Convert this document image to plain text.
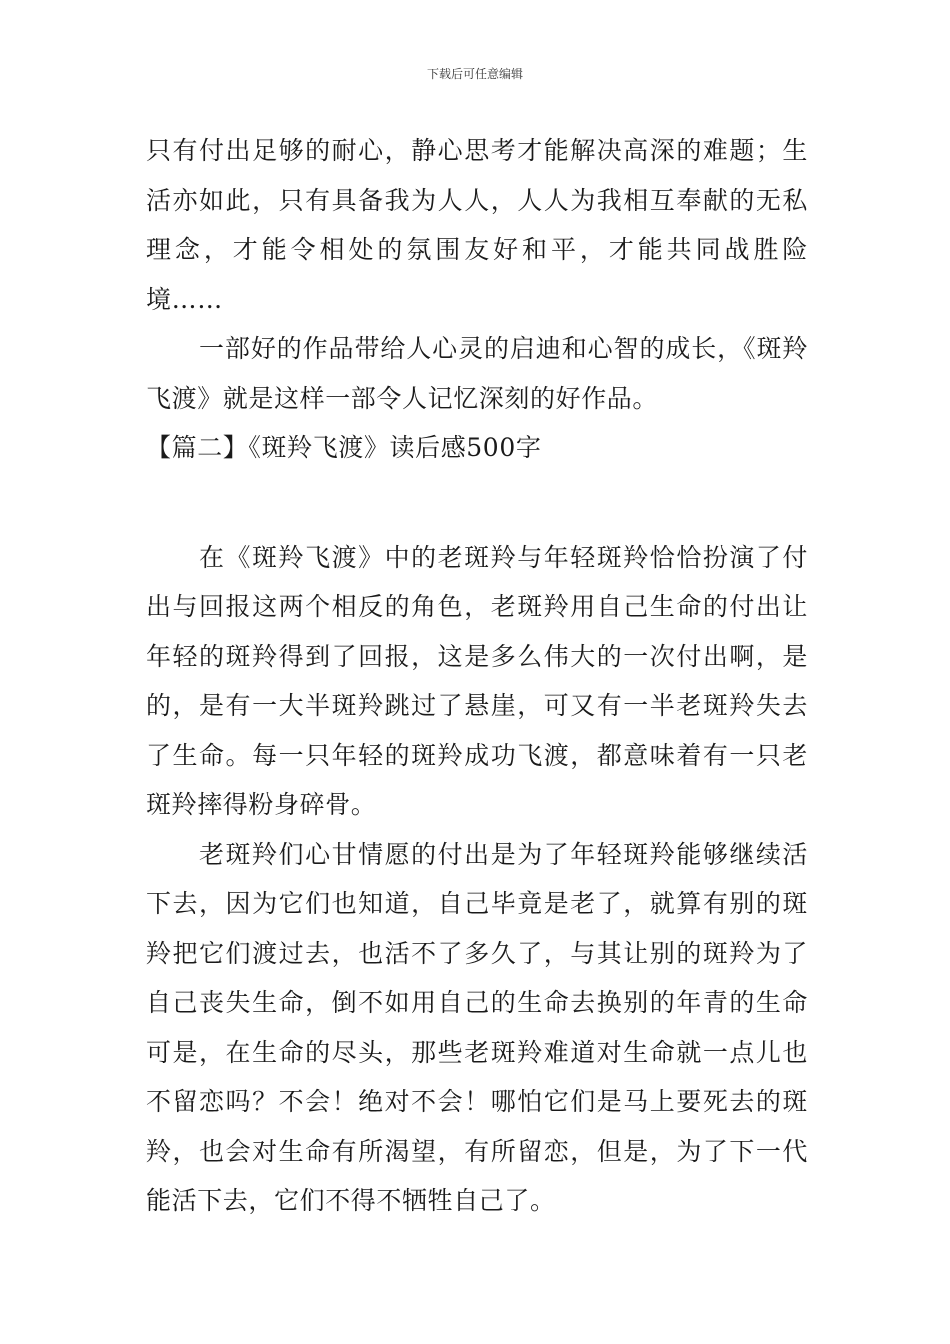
下载后可任意编辑

只有付出足够的耐心，静心思考才能解决高深的难题；生活亦如此，只有具备我为人人，人人为我相互奉献的无私理念，才能令相处的氛围友好和平，才能共同战胜险境……

一部好的作品带给人心灵的启迪和心智的成长，《斑羚飞渡》就是这样一部令人记忆深刻的好作品。

【篇二】《斑羚飞渡》读后感500字

在《斑羚飞渡》中的老斑羚与年轻斑羚恰恰扮演了付出与回报这两个相反的角色，老斑羚用自己生命的付出让年轻的斑羚得到了回报，这是多么伟大的一次付出啊，是的，是有一大半斑羚跳过了悬崖，可又有一半老斑羚失去了生命。每一只年轻的斑羚成功飞渡，都意味着有一只老斑羚摔得粉身碎骨。

老斑羚们心甘情愿的付出是为了年轻斑羚能够继续活下去，因为它们也知道，自己毕竟是老了，就算有别的斑羚把它们渡过去，也活不了多久了，与其让别的斑羚为了自己丧失生命，倒不如用自己的生命去换别的年青的生命可是，在生命的尽头，那些老斑羚难道对生命就一点儿也不留恋吗？不会！绝对不会！哪怕它们是马上要死去的斑羚，也会对生命有所渴望，有所留恋，但是，为了下一代能活下去，它们不得不牺牲自己了。
